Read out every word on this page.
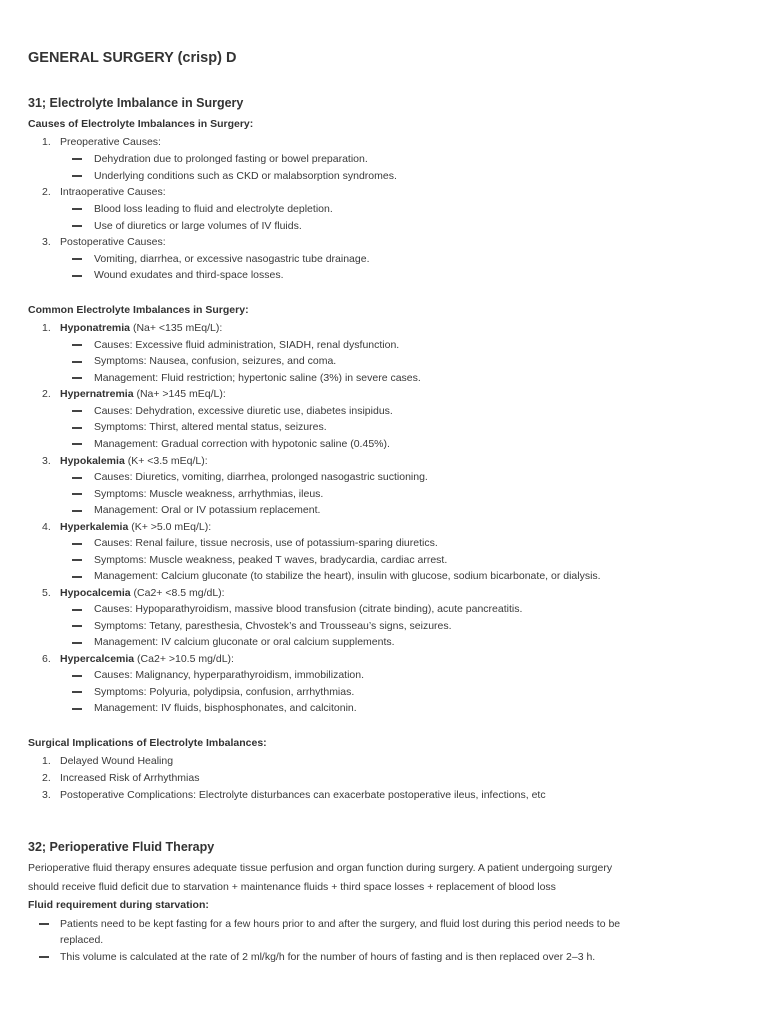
GENERAL SURGERY (crisp) D
31; Electrolyte Imbalance in Surgery
Causes of Electrolyte Imbalances in Surgery:
1. Preoperative Causes:
Dehydration due to prolonged fasting or bowel preparation.
Underlying conditions such as CKD or malabsorption syndromes.
2. Intraoperative Causes:
Blood loss leading to fluid and electrolyte depletion.
Use of diuretics or large volumes of IV fluids.
3. Postoperative Causes:
Vomiting, diarrhea, or excessive nasogastric tube drainage.
Wound exudates and third-space losses.
Common Electrolyte Imbalances in Surgery:
1. Hyponatremia (Na+ <135 mEq/L):
Causes: Excessive fluid administration, SIADH, renal dysfunction.
Symptoms: Nausea, confusion, seizures, and coma.
Management: Fluid restriction; hypertonic saline (3%) in severe cases.
2. Hypernatremia (Na+ >145 mEq/L):
Causes: Dehydration, excessive diuretic use, diabetes insipidus.
Symptoms: Thirst, altered mental status, seizures.
Management: Gradual correction with hypotonic saline (0.45%).
3. Hypokalemia (K+ <3.5 mEq/L):
Causes: Diuretics, vomiting, diarrhea, prolonged nasogastric suctioning.
Symptoms: Muscle weakness, arrhythmias, ileus.
Management: Oral or IV potassium replacement.
4. Hyperkalemia (K+ >5.0 mEq/L):
Causes: Renal failure, tissue necrosis, use of potassium-sparing diuretics.
Symptoms: Muscle weakness, peaked T waves, bradycardia, cardiac arrest.
Management: Calcium gluconate (to stabilize the heart), insulin with glucose, sodium bicarbonate, or dialysis.
5. Hypocalcemia (Ca2+ <8.5 mg/dL):
Causes: Hypoparathyroidism, massive blood transfusion (citrate binding), acute pancreatitis.
Symptoms: Tetany, paresthesia, Chvostek’s and Trousseau’s signs, seizures.
Management: IV calcium gluconate or oral calcium supplements.
6. Hypercalcemia (Ca2+ >10.5 mg/dL):
Causes: Malignancy, hyperparathyroidism, immobilization.
Symptoms: Polyuria, polydipsia, confusion, arrhythmias.
Management: IV fluids, bisphosphonates, and calcitonin.
Surgical Implications of Electrolyte Imbalances:
1. Delayed Wound Healing
2. Increased Risk of Arrhythmias
3. Postoperative Complications: Electrolyte disturbances can exacerbate postoperative ileus, infections, etc
32; Perioperative Fluid Therapy
Perioperative fluid therapy ensures adequate tissue perfusion and organ function during surgery. A patient undergoing surgery
should receive fluid deficit due to starvation + maintenance fluids + third space losses + replacement of blood loss
Fluid requirement during starvation:
Patients need to be kept fasting for a few hours prior to and after the surgery, and fluid lost during this period needs to be
replaced.
This volume is calculated at the rate of 2 ml/kg/h for the number of hours of fasting and is then replaced over 2–3 h.
